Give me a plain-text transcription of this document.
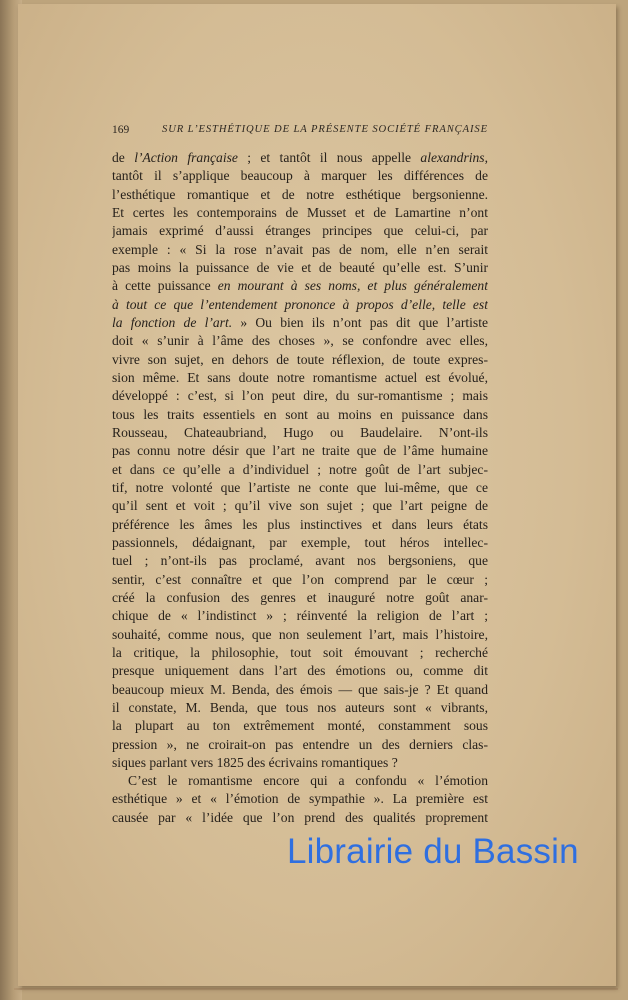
169	SUR L’ESTHÉTIQUE DE LA PRÉSENTE SOCIÉTÉ FRANÇAISE
de l’Action française ; et tantôt il nous appelle alexandrins,
tantôt il s’applique beaucoup à marquer les différences de
l’esthétique romantique et de notre esthétique bergsonienne.
Et certes les contemporains de Musset et de Lamartine n’ont
jamais exprimé d’aussi étranges principes que celui-ci, par
exemple : « Si la rose n’avait pas de nom, elle n’en serait
pas moins la puissance de vie et de beauté qu’elle est. S’unir
à cette puissance en mourant à ses noms, et plus généralement
à tout ce que l’entendement prononce à propos d’elle, telle est
la fonction de l’art. » Ou bien ils n’ont pas dit que l’artiste
doit « s’unir à l’âme des choses », se confondre avec elles,
vivre son sujet, en dehors de toute réflexion, de toute expres-
sion même. Et sans doute notre romantisme actuel est évolué,
développé : c’est, si l’on peut dire, du sur-romantisme ; mais
tous les traits essentiels en sont au moins en puissance dans
Rousseau, Chateaubriand, Hugo ou Baudelaire. N’ont-ils
pas connu notre désir que l’art ne traite que de l’âme humaine
et dans ce qu’elle a d’individuel ; notre goût de l’art subjec-
tif, notre volonté que l’artiste ne conte que lui-même, que ce
qu’il sent et voit ; qu’il vive son sujet ; que l’art peigne de
préférence les âmes les plus instinctives et dans leurs états
passionnels, dédaignant, par exemple, tout héros intellec-
tuel ; n’ont-ils pas proclamé, avant nos bergsoniens, que
sentir, c’est connaître et que l’on comprend par le cœur ;
créé la confusion des genres et inauguré notre goût anar-
chique de « l’indistinct » ; réinventé la religion de l’art ;
souhaité, comme nous, que non seulement l’art, mais l’histoire,
la critique, la philosophie, tout soit émouvant ; recherché
presque uniquement dans l’art des émotions ou, comme dit
beaucoup mieux M. Benda, des émois — que sais-je ? Et quand
il constate, M. Benda, que tous nos auteurs sont « vibrants,
la plupart au ton extrêmement monté, constamment sous
pression », ne croirait-on pas entendre un des derniers clas-
siques parlant vers 1825 des écrivains romantiques ?
C’est le romantisme encore qui a confondu « l’émotion
esthétique » et « l’émotion de sympathie ». La première est
causée par « l’idée que l’on prend des qualités proprement
Librairie du Bassin
